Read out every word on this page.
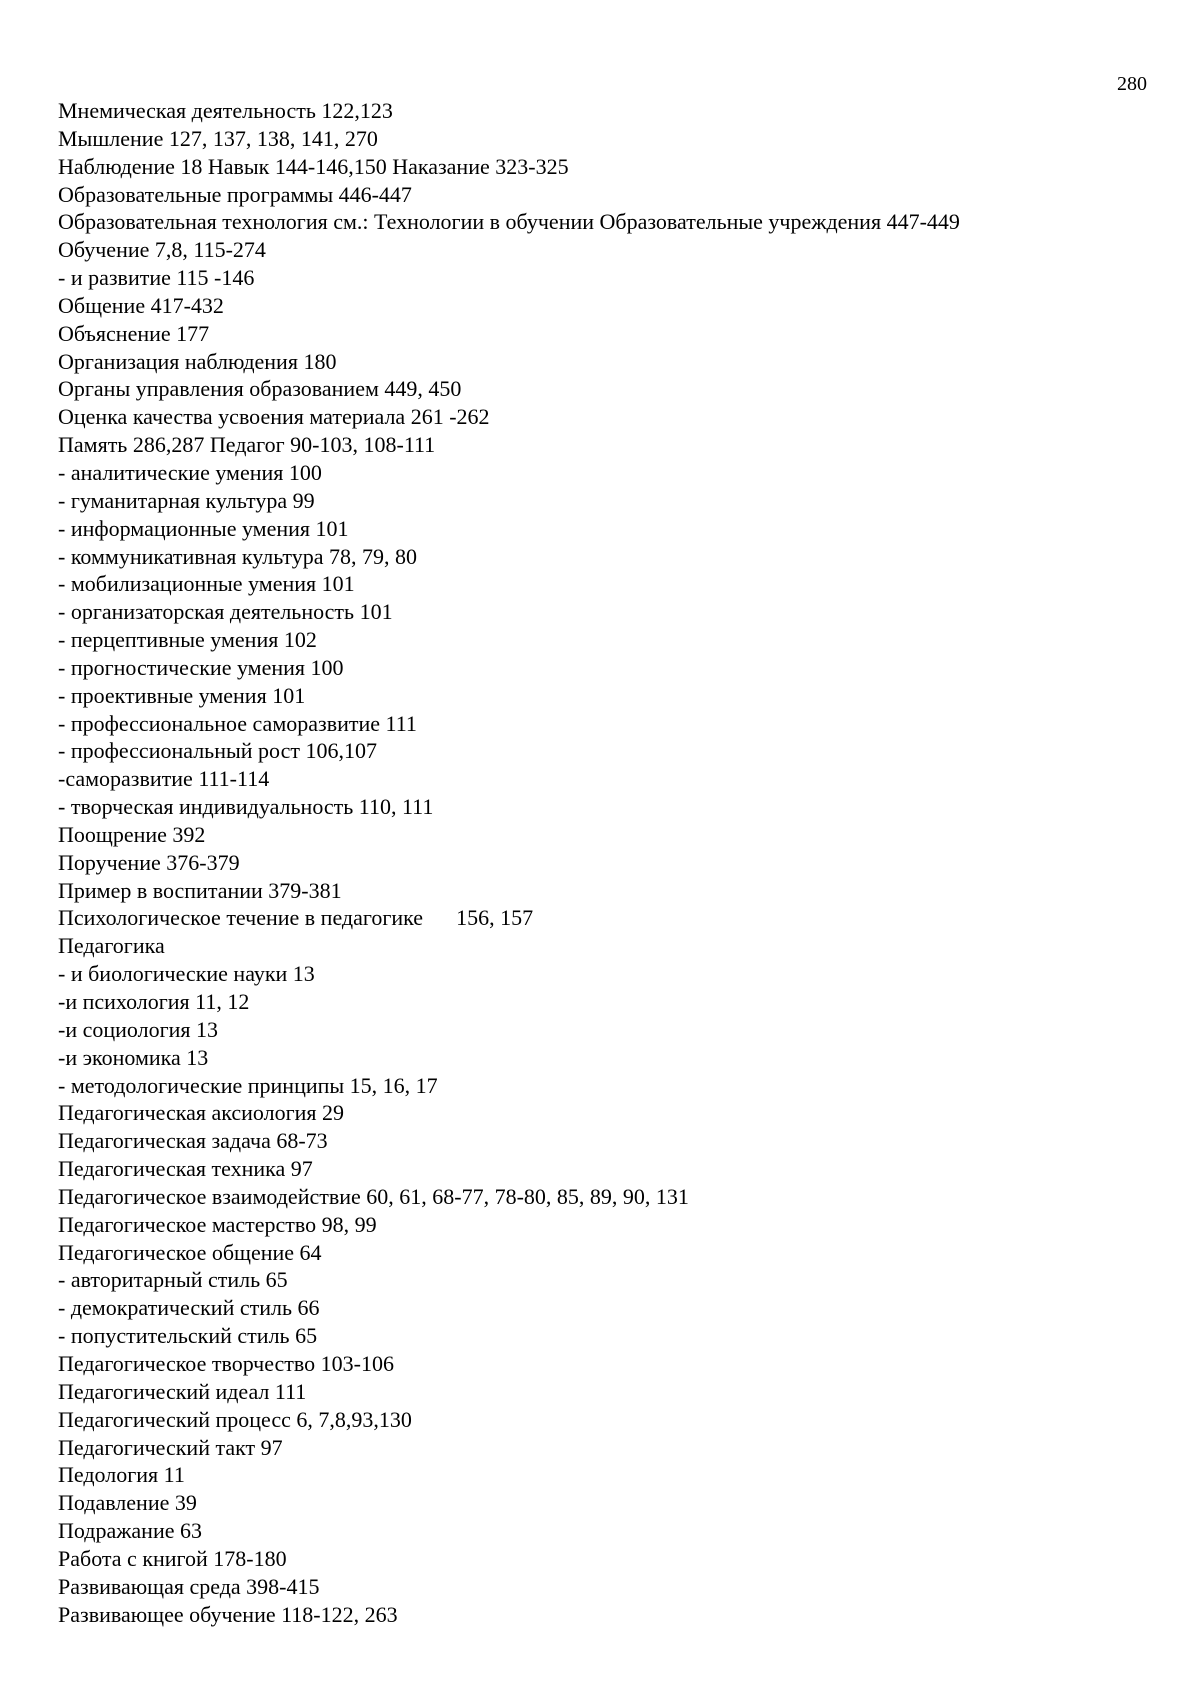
280
Мнемическая деятельность 122,123
Мышление 127, 137, 138, 141, 270
Наблюдение 18 Навык 144-146,150 Наказание 323-325
Образовательные программы 446-447
Образовательная технология см.: Технологии в обучении Образовательные учреждения 447-449
Обучение 7,8, 115-274
- и развитие 115 -146
Общение 417-432
Объяснение 177
Организация наблюдения 180
Органы управления образованием 449, 450
Оценка качества усвоения материала 261 -262
Память 286,287 Педагог 90-103, 108-111
- аналитические умения 100
- гуманитарная культура 99
- информационные умения 101
- коммуникативная культура 78, 79, 80
- мобилизационные умения 101
- организаторская деятельность 101
- перцептивные умения 102
- прогностические умения 100
- проективные умения 101
- профессиональное саморазвитие 111
- профессиональный рост 106,107
-саморазвитие 111-114
- творческая индивидуальность 110, 111
Поощрение 392
Поручение 376-379
Пример в воспитании 379-381
Психологическое течение в педагогике      156, 157
Педагогика
- и биологические науки 13
-и психология 11, 12
-и социология 13
-и экономика 13
- методологические принципы 15, 16, 17
Педагогическая аксиология 29
Педагогическая задача 68-73
Педагогическая техника 97
Педагогическое взаимодействие 60, 61, 68-77, 78-80, 85, 89, 90, 131
Педагогическое мастерство 98, 99
Педагогическое общение 64
- авторитарный стиль 65
- демократический стиль 66
- попустительский стиль 65
Педагогическое творчество 103-106
Педагогический идеал 111
Педагогический процесс 6, 7,8,93,130
Педагогический такт 97
Педология 11
Подавление 39
Подражание 63
Работа с книгой 178-180
Развивающая среда 398-415
Развивающее обучение 118-122, 263
